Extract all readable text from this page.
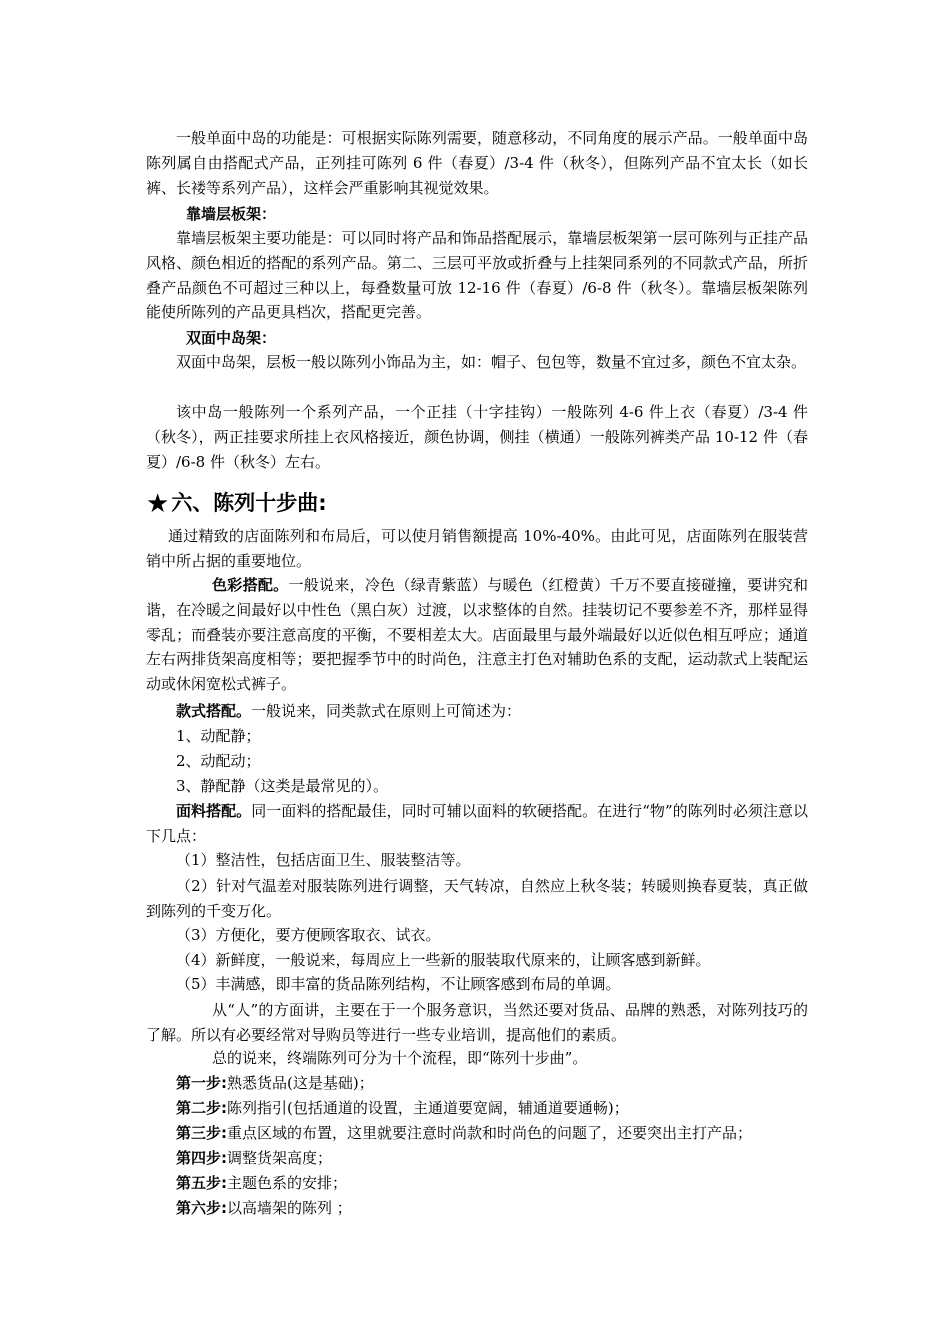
一般单面中岛的功能是：可根据实际陈列需要，随意移动，不同角度的展示产品。一般单面中岛陈列属自由搭配式产品，正列挂可陈列 6 件（春夏）/3-4 件（秋冬），但陈列产品不宜太长（如长裤、长褛等系列产品），这样会严重影响其视觉效果。
靠墙层板架：
靠墙层板架主要功能是：可以同时将产品和饰品搭配展示，靠墙层板架第一层可陈列与正挂产品风格、颜色相近的搭配的系列产品。第二、三层可平放或折叠与上挂架同系列的不同款式产品，所折叠产品颜色不可超过三种以上，每叠数量可放 12-16 件（春夏）/6-8 件（秋冬）。靠墙层板架陈列能使所陈列的产品更具档次，搭配更完善。
双面中岛架：
双面中岛架，层板一般以陈列小饰品为主，如：帽子、包包等，数量不宜过多，颜色不宜太杂。
该中岛一般陈列一个系列产品，一个正挂（十字挂钩）一般陈列 4-6 件上衣（春夏）/3-4 件（秋冬），两正挂要求所挂上衣风格接近，颜色协调，侧挂（横通）一般陈列裤类产品 10-12 件（春夏）/6-8 件（秋冬）左右。
★六、陈列十步曲:
通过精致的店面陈列和布局后，可以使月销售额提高 10%-40%。由此可见，店面陈列在服装营销中所占据的重要地位。
色彩搭配。一般说来，冷色（绿青紫蓝）与暖色（红橙黄）千万不要直接碰撞，要讲究和谐，在冷暖之间最好以中性色（黑白灰）过渡，以求整体的自然。挂装切记不要参差不齐，那样显得零乱；而叠装亦要注意高度的平衡，不要相差太大。店面最里与最外端最好以近似色相互呼应；通道左右两排货架高度相等；要把握季节中的时尚色，注意主打色对辅助色系的支配，运动款式上装配运动或休闲宽松式裤子。
款式搭配。一般说来，同类款式在原则上可简述为：
1、动配静；
2、动配动；
3、静配静（这类是最常见的）。
面料搭配。同一面料的搭配最佳，同时可辅以面料的软硬搭配。在进行“物”的陈列时必须注意以下几点：
（1）整洁性，包括店面卫生、服装整洁等。
（2）针对气温差对服装陈列进行调整，天气转凉，自然应上秋冬装；转暖则换春夏装，真正做到陈列的千变万化。
（3）方便化，要方便顾客取衣、试衣。
（4）新鲜度，一般说来，每周应上一些新的服装取代原来的，让顾客感到新鲜。
（5）丰满感，即丰富的货品陈列结构，不让顾客感到布局的单调。
从“人”的方面讲，主要在于一个服务意识，当然还要对货品、品牌的熟悉，对陈列技巧的了解。所以有必要经常对导购员等进行一些专业培训，提高他们的素质。
总的说来，终端陈列可分为十个流程，即“陈列十步曲”。
第一步:熟悉货品(这是基础)；
第二步:陈列指引(包括通道的设置，主通道要宽阔，辅通道要通畅)；
第三步:重点区域的布置，这里就要注意时尚款和时尚色的问题了，还要突出主打产品；
第四步:调整货架高度；
第五步:主题色系的安排；
第六步:以高墙架的陈列 ；
